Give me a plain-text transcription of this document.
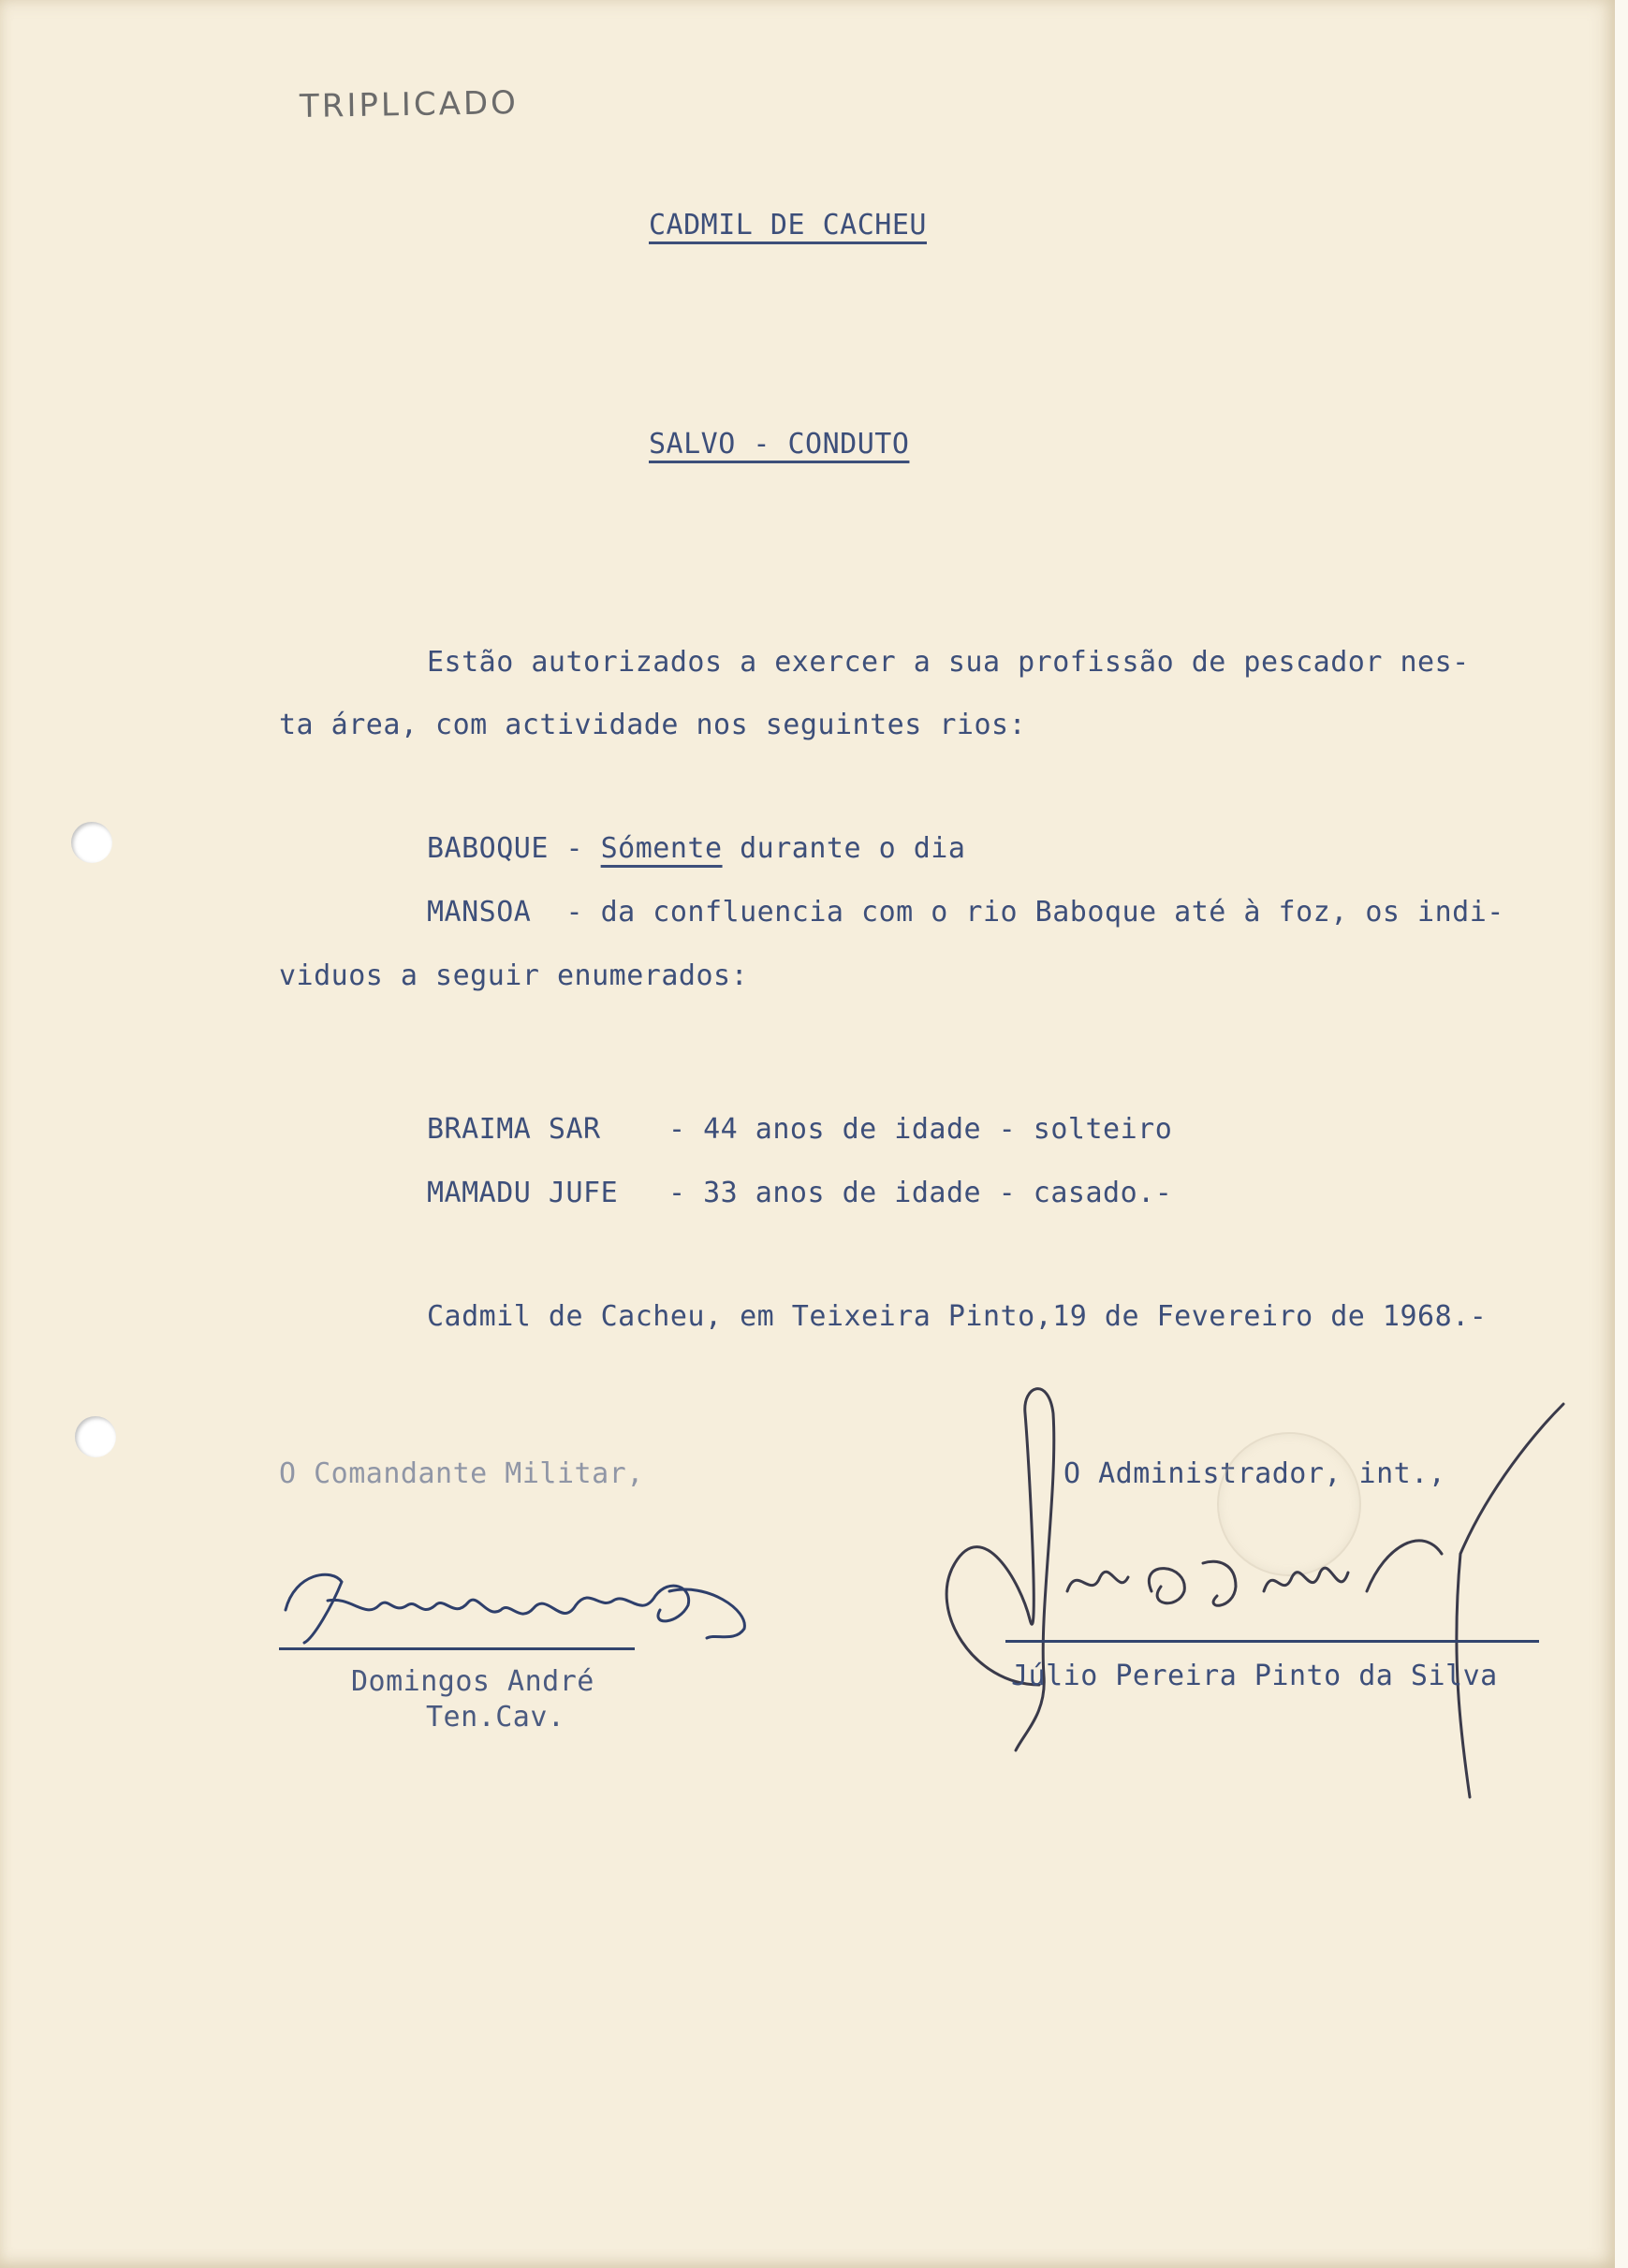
TRIPLICADO
CADMIL DE CACHEU
SALVO - CONDUTO
Estão autorizados a exercer a sua profissão de pescador nes-
ta área, com actividade nos seguintes rios:
BABOQUE - Sómente durante o dia
MANSOA  - da confluencia com o rio Baboque até à foz, os indi-
viduos a seguir enumerados:
BRAIMA SAR - 44 anos de idade - solteiro
MAMADU JUFE - 33 anos de idade - casado.-
Cadmil de Cacheu, em Teixeira Pinto,19 de Fevereiro de 1968.-
O Comandante Militar,	O Administrador, int.,
Domingos André
Ten.Cav.
Júlio Pereira Pinto da Silva
